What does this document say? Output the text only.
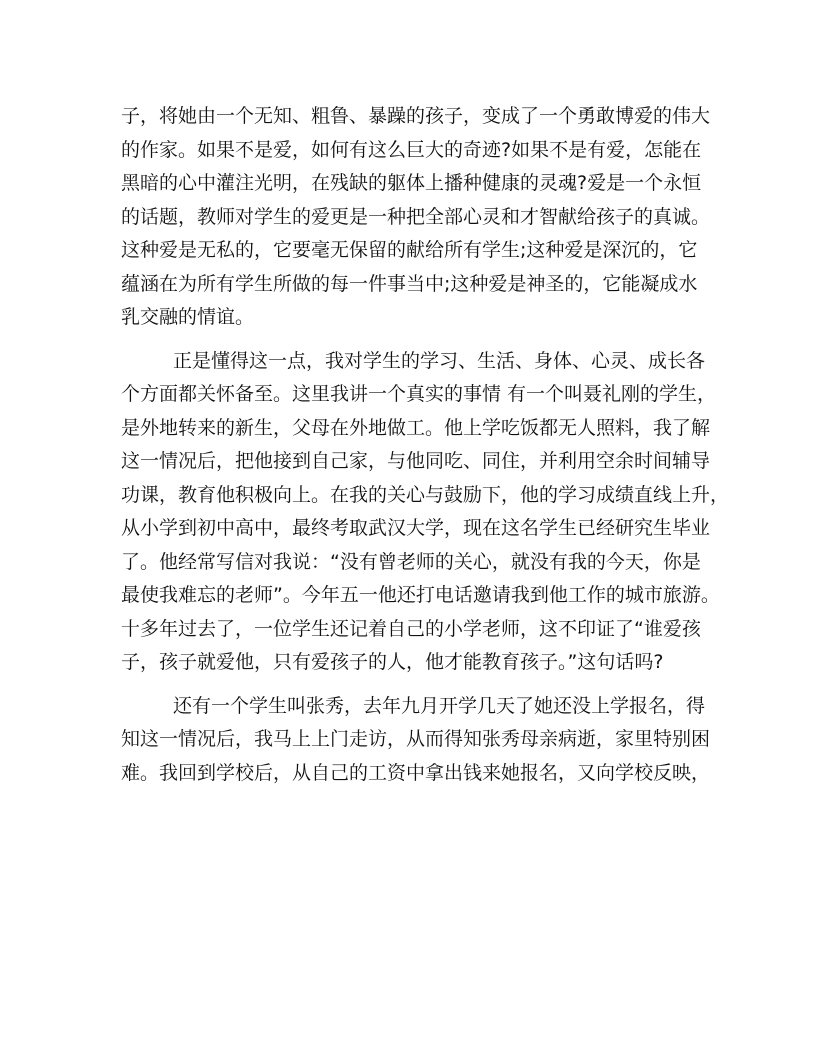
子，将她由一个无知、粗鲁、暴躁的孩子，变成了一个勇敢博爱的伟大
的作家。如果不是爱，如何有这么巨大的奇迹?如果不是有爱，怎能在
黑暗的心中灌注光明，在残缺的躯体上播种健康的灵魂?爱是一个永恒
的话题，教师对学生的爱更是一种把全部心灵和才智献给孩子的真诚。
这种爱是无私的，它要毫无保留的献给所有学生;这种爱是深沉的，它
蕴涵在为所有学生所做的每一件事当中;这种爱是神圣的，它能凝成水
乳交融的情谊。
正是懂得这一点，我对学生的学习、生活、身体、心灵、成长各
个方面都关怀备至。这里我讲一个真实的事情 有一个叫聂礼刚的学生，
是外地转来的新生，父母在外地做工。他上学吃饭都无人照料，我了解
这一情况后，把他接到自己家，与他同吃、同住，并利用空余时间辅导
功课，教育他积极向上。在我的关心与鼓励下，他的学习成绩直线上升，
从小学到初中高中，最终考取武汉大学，现在这名学生已经研究生毕业
了。他经常写信对我说：“没有曾老师的关心，就没有我的今天，你是
最使我难忘的老师”。今年五一他还打电话邀请我到他工作的城市旅游。
十多年过去了，一位学生还记着自己的小学老师，这不印证了“谁爱孩
子，孩子就爱他，只有爱孩子的人，他才能教育孩子。”这句话吗?
还有一个学生叫张秀，去年九月开学几天了她还没上学报名，得
知这一情况后，我马上上门走访，从而得知张秀母亲病逝，家里特别困
难。我回到学校后，从自己的工资中拿出钱来她报名，又向学校反映，
